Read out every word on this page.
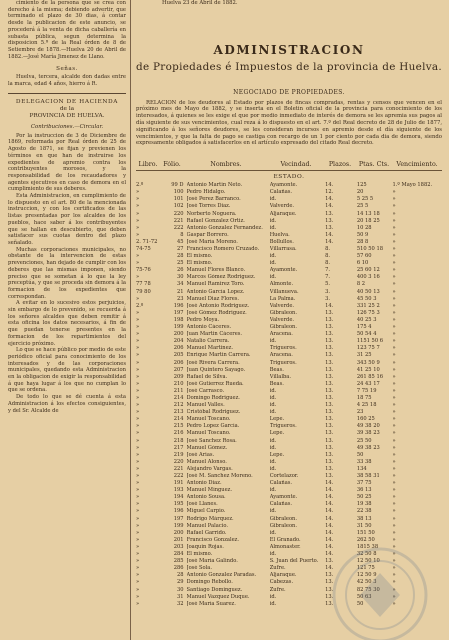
cimiento de la persona que se crea con derecho á la misma; debiendo advertir, que terminado el plazo de 30 dias, á contar desde la publicacion de este anuncio, se procederá á la venta de dicha caballería en subasta pública, segun determina la disposicion 5.ª de la Real órden de 8 de Setiembre de 1878.—Huelva 20 de Abril de 1882.—José María Jimenez de Llano.

Señas.

Huelva, tercera, alcalde don dadas entre la marca, edad 4 años, hierro á R.

DELEGACION DE HACIENDA

de la

PROVINCIA DE HUELVA.

Contribuciones.—Circular.

Por la instruccion de 3 de Diciembre de 1869, reformada por Real órden de 25 de Agosto de 1871, se fijan y previenen los términos en que han de instruirse los expedientes de apremio contra los contribuyentes morosos, y la responsabilidad de los recaudadores y agentes ejecutivos en caso de demora en el cumplimiento de sus deberes.

Esta Administracion, en cumplimiento de lo dispuesto en el art. 80 de la mencionada instruccion, y con los certificados de las listas presentadas por los alcaldes de los pueblos, hace saber á los contribuyentes que se hallan en descubierto, que deben satisfacer sus cuotas dentro del plazo señalado.

Muchas corporaciones municipales, no obstante de la intervencion de estas prevenciones, han dejado de cumplir con los deberes que las mismas imponen, siendo preciso que se sometan á lo que la ley preceptúa, y que se proceda sin demora á la formacion de los expedientes que correspondan.

A evitar en lo sucesivo estos perjuicios, sin embargo de lo prevenido, se recuerda á los señores alcaldes que deben remitir á esta oficina los datos necesarios, á fin de que puedan tenerse presentes en la formacion de los repartimientos del ejercicio próximo.

Lo que se hace público por medio de este periódico oficial para conocimiento de los interesados y de las corporaciones municipales, quedando esta Administracion en la obligacion de exigir la responsabilidad á que haya lugar á los que no cumplan lo que se ordena.

De todo lo que se dé cuenta á esta Administracion á los efectos consiguientes, y del Sr. Alcalde de

Huelva 23 de Abril de 1882.

ADMINISTRACION
de Propiedades é Impuestos de la provincia de Huelva.
NEGOCIADO DE PROPIEDADES.

RELACION de los deudores al Estado por plazos de fincas compradas, rentas y censos que vencen en el próximo mes de Mayo de 1882, y se inserta en el Boletin oficial de la provincia para conocimiento de los interesados, á quienes se les exige el que por medio inmediato de interés de demora se les apremia sus pagos al día siguiente de sus vencimientos, cual reza á lo dispuesto en el art. 7.º del Real decreto de 28 de Julio de 1877, significando á los señores deudores, se les consideran incursos en apremio desde el día siguiente de los vencimientos, y que la falta de pago se castiga con recargo de un 1 por ciento por cada dia de demora, siendo expresamente obligados á satisfacerlos en el artículo expresado del citado Real decreto.

Libro. Fólio.	Nombres.	Vecindad.	Plazos.	Ptas. Cts.	Vencimiento.
ESTADO.
2.º	99 D Antonio Martin Neto.	Ayamonte.	14.	125	1.º Mayo 1882.
»	100 Pedro Hidalgo.	Calañas.	12.	20	»
»	101 José Perez Barranco.	id.	14.	5 25 5	»
»	102 José Torres Diaz.	Valverde.	14.	25 5	»
»	220 Norberto Noguera.	Aljaraque.	13.	14 13 18	»
»	221 Rafael Gonzalez Ortiz.	id.	13.	20 18 25	»
»	222 Antonio Gonzalez Fernandez.	id.	13.	10 28	»
»	8 Gaspar Borrero.	Huelva.	14.	50 9	»
2. 71-72	45 José María Moreno.	Bollullos.	14.	28 8	»
74-75	27 Francisco Romero Cruzado.	Villarrasa.	8.	510 50 18	»
»	28 El mismo.	id.	8.	57 60	»
»	25 El mismo.	id.	8.	6 10	»
75-76	26 Manuel Flores Blanco.	Ayamonte.	7.	25 60 12	»
»	30 Marcos Gómez Rodriguez.	id.	7.	400 3 16	»
77 78	34 Manuel Ramirez Toro.	Almonte.	5.	8 2	»
79 80	21 Antonio García Lopez.	Villanueva.	3.	40 50 13	»
»	23 Manuel Diaz Flores.	La Palma.	3.	45 50 3	»
2.º	196 José Antonio Rodriguez.	Valverde.	14.	331 25 2	»
»	197 José Gómez Rodriguez.	Gibraleon.	13.	126 75 3	»
»	198 Pedro Moya.	Valverde.	13.	40 25 3	»
»	199 Antonio Cáceres.	Gibraleon.	13.	175 4	»
»	200 Juan Martin Cáceres.	Aracena.	13.	50 54 4	»
»	204 Natalio Carrera.	id.	13.	1151 50 6	»
»	206 Manuel Martinez.	Trigueros.	13.	123 75 7	»
»	205 Enrique Martin Carrera.	Aracena.	13.	31 25	»
»	206 José Rivera Carrera.	Trigueros.	13.	343 50 9	»
»	207 Juan Quintero Sayago.	Beas.	13.	41 25 10	»
»	209 Rafael de Silva.	Villalba.	13.	261 85 16	»
»	210 José Gutierrez Rueda.	Beas.	13.	24 43 17	»
»	211 José Carrasco.	id.	13.	7 75 19	»
»	214 Domingo Rodriguez.	id.	13.	18 75	»
»	212 Manuel Valles.	id.	13.	4 25 18	»
»	213 Cristóbal Rodriguez.	id.	13.	23	»
»	214 Manuel Toscano.	Lepe.	13.	160 25	»
»	215 Pedro Lopez García.	Trigueros.	13.	49 38 20	»
»	216 Manuel Toscano.	Lepe.	13.	39 38 23	»
»	218 José Sanchez Rosa.	id.	13.	25 50	»
»	217 Manuel Gómez.	id.	13.	49 38 23	»
»	219 José Arias.	Lepe.	13.	50	»
»	220 Manuel Alonso.	id.	13.	33 38	»
»	221 Alejandro Vargas.	id.	13.	134	»
»	222 José M. Sanchez Moreno.	Cortelazor.	13.	38 58 31	»
»	191 Antonio Diaz.	Calañas.	14.	37 75	»
»	193 Manuel Mínguez.	id.	14.	36 13	»
»	194 Antonio Sousa.	Ayamonte.	14.	50 25	»
»	195 José Llanes.	Calañas.	14.	19 38	»
»	196 Miguel Carpio.	id.	14.	22 38	»
»	197 Rodrigo Márquez.	Gibraleon.	14.	38 13	»
»	199 Manuel Palacio.	Gibraleon.	14.	31 50	»
»	200 Rafael Garrido.	id.	14.	151 50	»
»	201 Francisco Gonzalez.	El Granado.	14.	262 50	»
»	203 Joaquin Rojas.	Almonaster.	14.	1815 38	»
»	284 El mismo.	id.	14.	32 50 8	»
»	285 José María Galindo.	S. Juan del Puerto.	13.	12 50 10	»
»	286 José Sola.	Zufre.	14.	121 75	»
»	28 Antonio Gonzalez Paradas.	Aljaraque.	13.	12 50 9	»
»	29 Domingo Rebollo.	Cabezas.	13.	42 50 3	»
»	30 Santiago Dominguez.	Zufre.	13.	82 75 30	»
»	31 Manuel Vazquez Duque.	id.	13.	50 63	»
»	32 José María Suarez.	id.	13.	50	»
